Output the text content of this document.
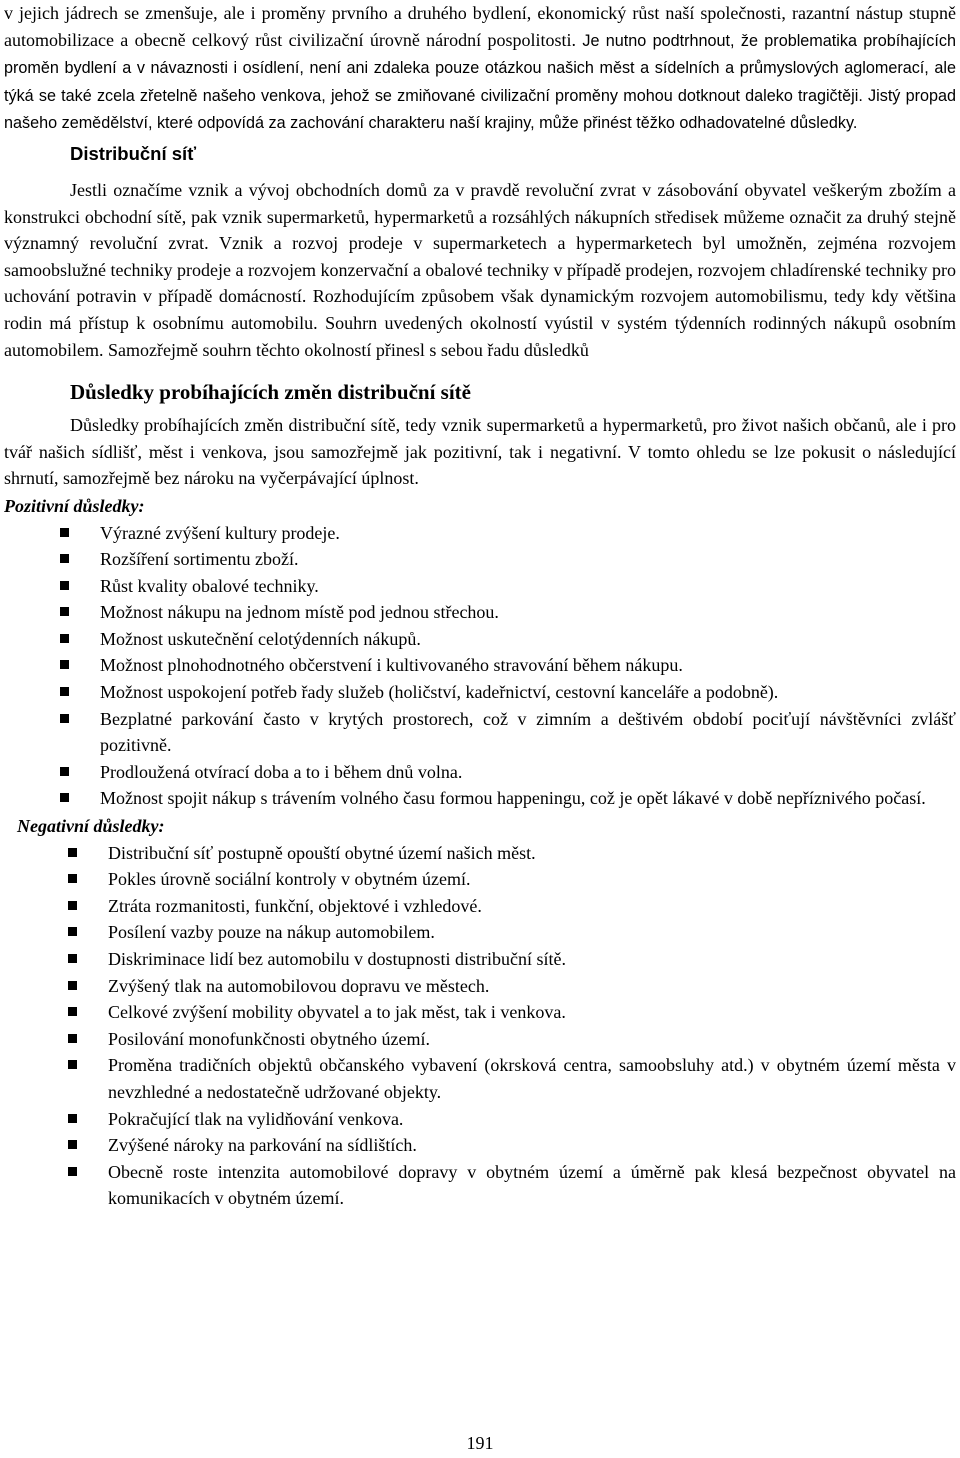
v jejich jádrech se zmenšuje, ale i proměny prvního a druhého bydlení, ekonomický růst naší společnosti, razantní nástup stupně automobilizace a obecně celkový růst civilizační úrovně národní pospolitosti. Je nutno podtrhnout, že problematika probíhajících proměn bydlení a v návaznosti i osídlení, není ani zdaleka pouze otázkou našich měst a sídelních a průmyslových aglomerací, ale týká se také zcela zřetelně našeho venkova, jehož se zmiňované civilizační proměny mohou dotknout daleko tragičtěji. Jistý propad našeho zemědělství, které odpovídá za zachování charakteru naší krajiny, může přinést těžko odhadovatelné důsledky.

Distribuční síť

Jestli označíme vznik a vývoj obchodních domů za v pravdě revoluční zvrat v zásobování obyvatel veškerým zbožím a konstrukci obchodní sítě, pak vznik supermarketů, hypermarketů a rozsáhlých nákupních středisek můžeme označit za druhý stejně významný revoluční zvrat. Vznik a rozvoj prodeje v supermarketech a hypermarketech byl umožněn, zejména rozvojem samoobslužné techniky prodeje a rozvojem konzervační a obalové techniky v případě prodejen, rozvojem chladírenské techniky pro uchování potravin v případě domácností. Rozhodujícím způsobem však dynamickým rozvojem automobilismu, tedy kdy většina rodin má přístup k osobnímu automobilu. Souhrn uvedených okolností vyústil v systém týdenních rodinných nákupů osobním automobilem. Samozřejmě souhrn těchto okolností přinesl s sebou řadu důsledků

Důsledky probíhajících změn distribuční sítě

Důsledky probíhajících změn distribuční sítě, tedy vznik supermarketů a hypermarketů, pro život našich občanů, ale i pro tvář našich sídlišť, měst i venkova, jsou samozřejmě jak pozitivní, tak i negativní. V tomto ohledu se lze pokusit o následující shrnutí, samozřejmě bez nároku na vyčerpávající úplnost.

Pozitivní důsledky:

Výrazné zvýšení kultury prodeje.
Rozšíření sortimentu zboží.
Růst kvality obalové techniky.
Možnost nákupu na jednom místě pod jednou střechou.
Možnost uskutečnění celotýdenních nákupů.
Možnost plnohodnotného občerstvení i kultivovaného stravování během nákupu.
Možnost uspokojení potřeb řady služeb (holičství, kadeřnictví, cestovní kanceláře a podobně).
Bezplatné parkování často v krytých prostorech, což v zimním a deštivém období pociťují návštěvníci zvlášť pozitivně.
Prodloužená otvírací doba a to i během dnů volna.
Možnost spojit nákup s trávením volného času formou happeningu, což je opět lákavé v době nepříznivého počasí.

Negativní důsledky:

Distribuční síť postupně opouští obytné území našich měst.
Pokles úrovně sociální kontroly v obytném území.
Ztráta rozmanitosti, funkční, objektové i vzhledové.
Posílení vazby pouze na nákup automobilem.
Diskriminace lidí bez automobilu v dostupnosti distribuční sítě.
Zvýšený tlak na automobilovou dopravu ve městech.
Celkové zvýšení mobility obyvatel a to jak měst, tak i venkova.
Posilování monofunkčnosti obytného území.
Proměna tradičních objektů občanského vybavení (okrsková centra, samoobsluhy atd.) v obytném území města v nevzhledné a nedostatečně udržované objekty.
Pokračující tlak na vylidňování venkova.
Zvýšené nároky na parkování na sídlištích.
Obecně roste intenzita automobilové dopravy v obytném území a úměrně pak klesá bezpečnost obyvatel na komunikacích v obytném území.
191
